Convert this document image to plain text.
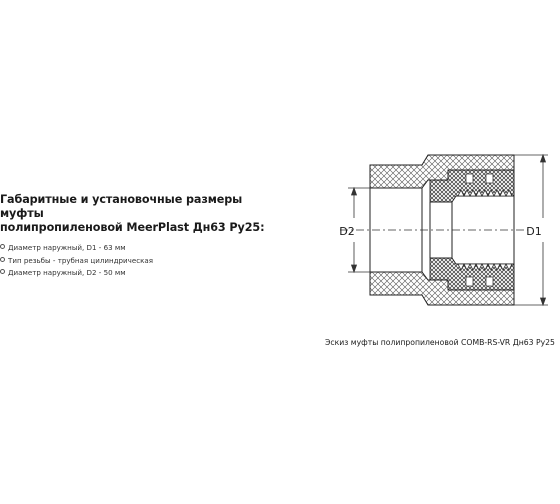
Габаритные и установочные размеры муфты
полипропиленовой MeerPlast Дн63 Ру25:

Диаметр наружный, D1 - 63 мм
Тип резьбы - трубная цилиндрическая
Диаметр наружный, D2 - 50 мм
D2	D1
Эскиз муфты полипропиленовой COMB-RS-VR Дн63 Ру25
